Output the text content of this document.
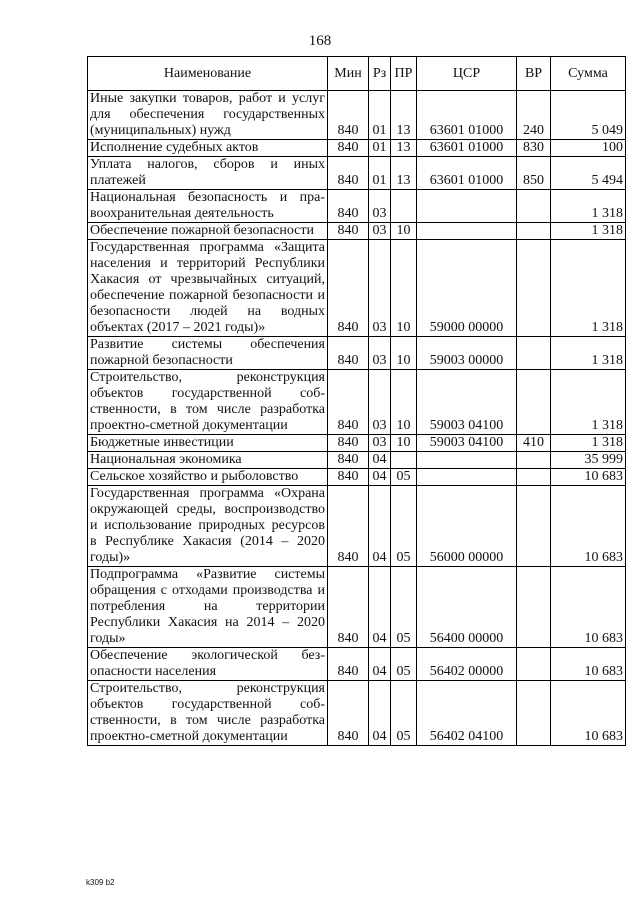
168
Наименование	Мин	Рз	ПР	ЦСР	ВР	Сумма
Иные закупки товаров, работ и услуг для обеспечения государственных (муниципальных) нужд	840	01	13	63601 01000	240	5 049
Исполнение судебных актов	840	01	13	63601 01000	830	100
Уплата налогов, сборов и иных платежей	840	01	13	63601 01000	850	5 494
Национальная безопасность и правоохранительная деятельность	840	03				1 318
Обеспечение пожарной безопасности	840	03	10			1 318
Государственная программа «Защита населения и территорий Республики Хакасия от чрезвычайных ситуаций, обеспечение пожарной безопасности и безопасности людей на водных объектах (2017 – 2021 годы)»	840	03	10	59000 00000		1 318
Развитие системы обеспечения пожарной безопасности	840	03	10	59003 00000		1 318
Строительство, реконструкция объектов государственной собственности, в том числе разработка проектно-сметной документации	840	03	10	59003 04100		1 318
Бюджетные инвестиции	840	03	10	59003 04100	410	1 318
Национальная экономика	840	04				35 999
Сельское хозяйство и рыболовство	840	04	05			10 683
Государственная программа «Охрана окружающей среды, воспроизводство и использование природных ресурсов в Республике Хакасия (2014 – 2020 годы)»	840	04	05	56000 00000		10 683
Подпрограмма «Развитие системы обращения с отходами производства и потребления на территории Республики Хакасия на 2014 – 2020 годы»	840	04	05	56400 00000		10 683
Обеспечение экологической безопасности населения	840	04	05	56402 00000		10 683
Строительство, реконструкция объектов государственной собственности, в том числе разработка проектно-сметной документации	840	04	05	56402 04100		10 683
k309 b2
